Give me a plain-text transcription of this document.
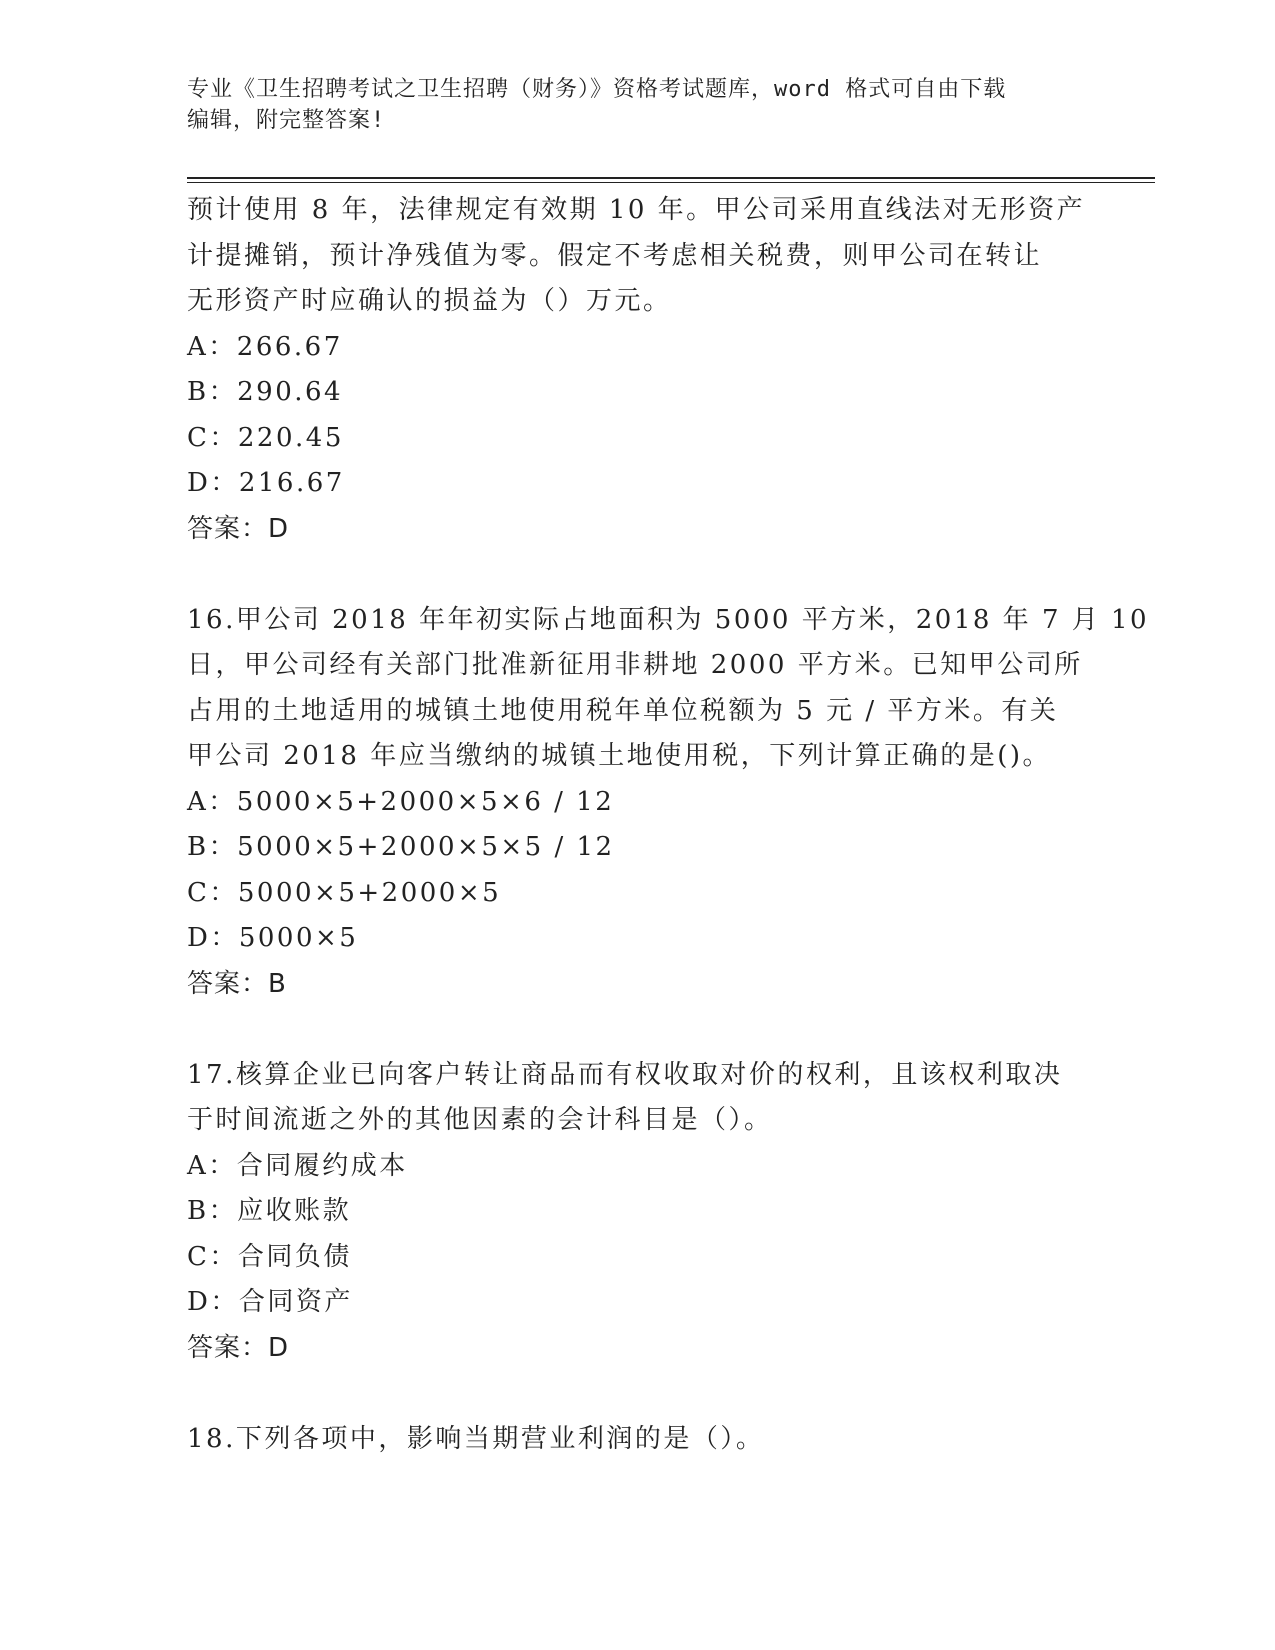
专业《卫生招聘考试之卫生招聘（财务）》资格考试题库，word 格式可自由下载
编辑，附完整答案!
预计使用 8 年，法律规定有效期 10 年。甲公司采用直线法对无形资产
计提摊销，预计净残值为零。假定不考虑相关税费，则甲公司在转让
无形资产时应确认的损益为（）万元。
A：266.67
B：290.64
C：220.45
D：216.67
答案：D
16.甲公司 2018 年年初实际占地面积为 5000 平方米，2018 年 7 月 10
日，甲公司经有关部门批准新征用非耕地 2000 平方米。已知甲公司所
占用的土地适用的城镇土地使用税年单位税额为 5 元 / 平方米。有关
甲公司 2018 年应当缴纳的城镇土地使用税，下列计算正确的是()。
A：5000×5+2000×5×6 / 12
B：5000×5+2000×5×5 / 12
C：5000×5+2000×5
D：5000×5
答案：B
17.核算企业已向客户转让商品而有权收取对价的权利，且该权利取决
于时间流逝之外的其他因素的会计科目是（）。
A：合同履约成本
B：应收账款
C：合同负债
D：合同资产
答案：D
18.下列各项中，影响当期营业利润的是（）。
